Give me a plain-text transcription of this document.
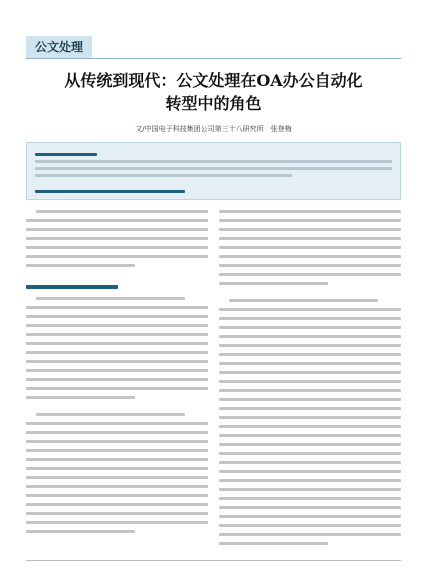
公文处理
从传统到现代：公文处理在OA办公自动化
转型中的角色
文/中国电子科技集团公司第三十八研究所　张登梅
